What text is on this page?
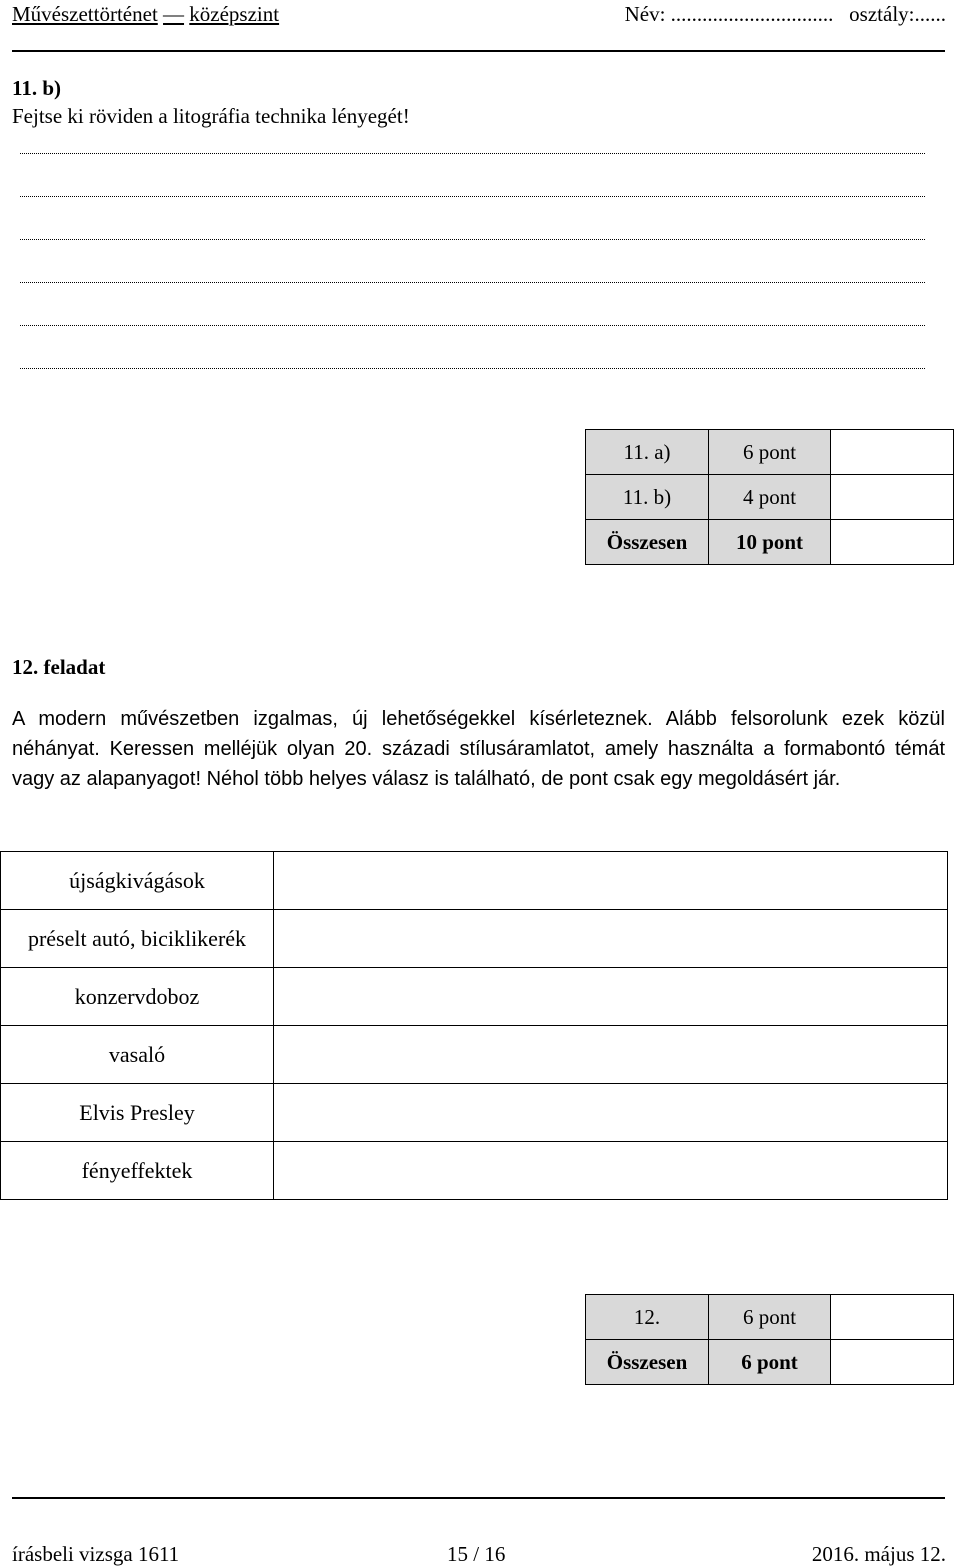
Művészettörténet — középszint	Név: ............................... osztály:......
11. b)
Fejtse ki röviden a litográfia technika lényegét!
11. a)	6 pont	
11. b)	4 pont	
Összesen	10 pont	
12. feladat
A modern művészetben izgalmas, új lehetőségekkel kísérleteznek. Alább felsorolunk ezek közül néhányat. Keressen melléjük olyan 20. századi stílusáramlatot, amely használta a formabontó témát vagy az alapanyagot! Néhol több helyes válasz is található, de pont csak egy megoldásért jár.
újságkivágások	
préselt autó, biciklikerék	
konzervdoboz	
vasaló	
Elvis Presley	
fényeffektek	
12.	6 pont	
Összesen	6 pont	
írásbeli vizsga 1611	15 / 16	2016. május 12.
